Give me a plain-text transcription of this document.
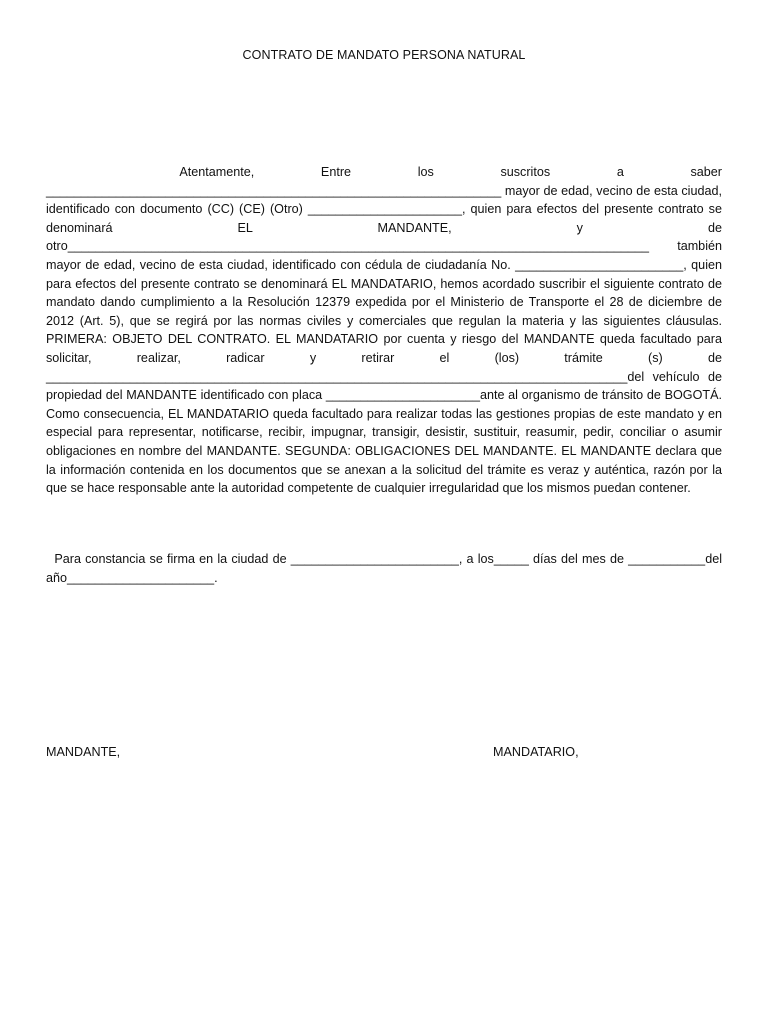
CONTRATO DE MANDATO PERSONA NATURAL

Atentamente, Entre los suscritos a saber _________________________________________________________________ mayor de edad, vecino de esta ciudad, identificado con documento (CC) (CE) (Otro) ______________________, quien para efectos del presente contrato se denominará EL MANDANTE, y de otro___________________________________________________________________________________ también mayor de edad, vecino de esta ciudad, identificado con cédula de ciudadanía No. ________________________, quien para efectos del presente contrato se denominará EL MANDATARIO, hemos acordado suscribir el siguiente contrato de mandato dando cumplimiento a la Resolución 12379 expedida por el Ministerio de Transporte el 28 de diciembre de 2012 (Art. 5), que se regirá por las normas civiles y comerciales que regulan la materia y las siguientes cláusulas. PRIMERA: OBJETO DEL CONTRATO. EL MANDATARIO por cuenta y riesgo del MANDANTE queda facultado para solicitar, realizar, radicar y retirar el (los) trámite (s) de ___________________________________________________________________________________del vehículo de propiedad del MANDANTE identificado con placa ______________________ante al organismo de tránsito de BOGOTÁ. Como consecuencia, EL MANDATARIO queda facultado para realizar todas las gestiones propias de este mandato y en especial para representar, notificarse, recibir, impugnar, transigir, desistir, sustituir, reasumir, pedir, conciliar o asumir obligaciones en nombre del MANDANTE. SEGUNDA: OBLIGACIONES DEL MANDANTE. EL MANDANTE declara que la información contenida en los documentos que se anexan a la solicitud del trámite es veraz y auténtica, razón por la que se hace responsable ante la autoridad competente de cualquier irregularidad que los mismos puedan contener.

Para constancia se firma en la ciudad de ________________________, a los_____ días del mes de ___________del año_____________________.

MANDANTE,	MANDATARIO,
